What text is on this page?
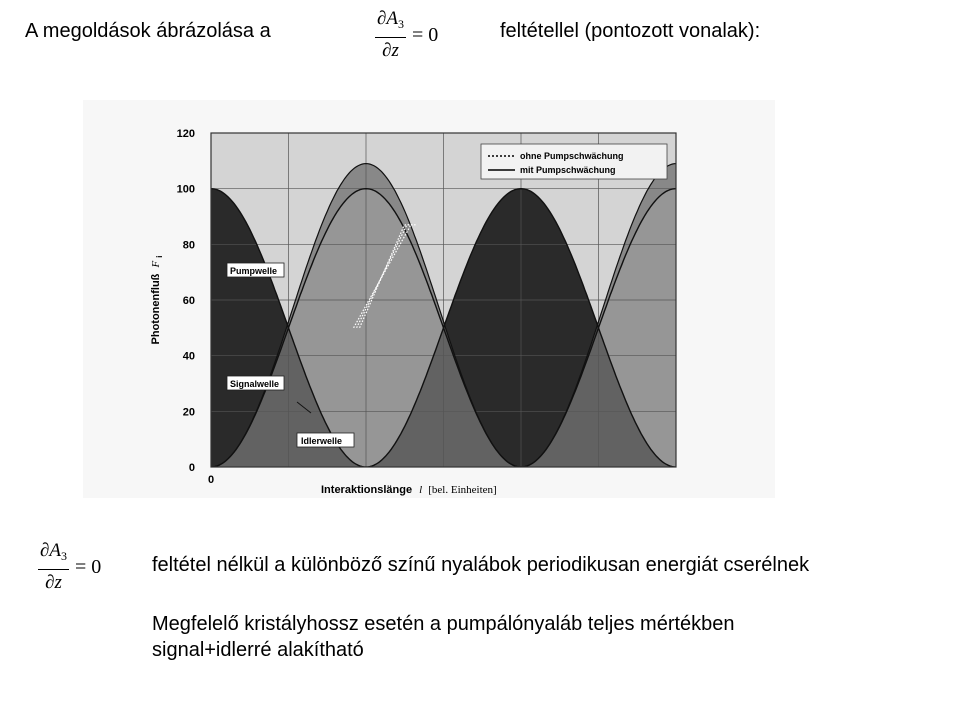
A megoldások ábrázolása a	$\frac{\partial A_3}{\partial z} = 0$	feltétellel (pontozott vonalak):
0
20
40
60
80
100
120
0
Interaktionslänge l [bel. Einheiten]
Photonenfluß F $_i$
ohne Pumpschwächung
mit Pumpschwächung
Pumpwelle
Signalwelle
Idlerwelle
$\frac{\partial A_3}{\partial z} = 0$	feltétel nélkül a különböző színű nyalábok periodikusan energiát cserélnek
Megfelelő kristályhossz esetén a pumpálónyaláb teljes mértékben
signal+idlerré alakítható
